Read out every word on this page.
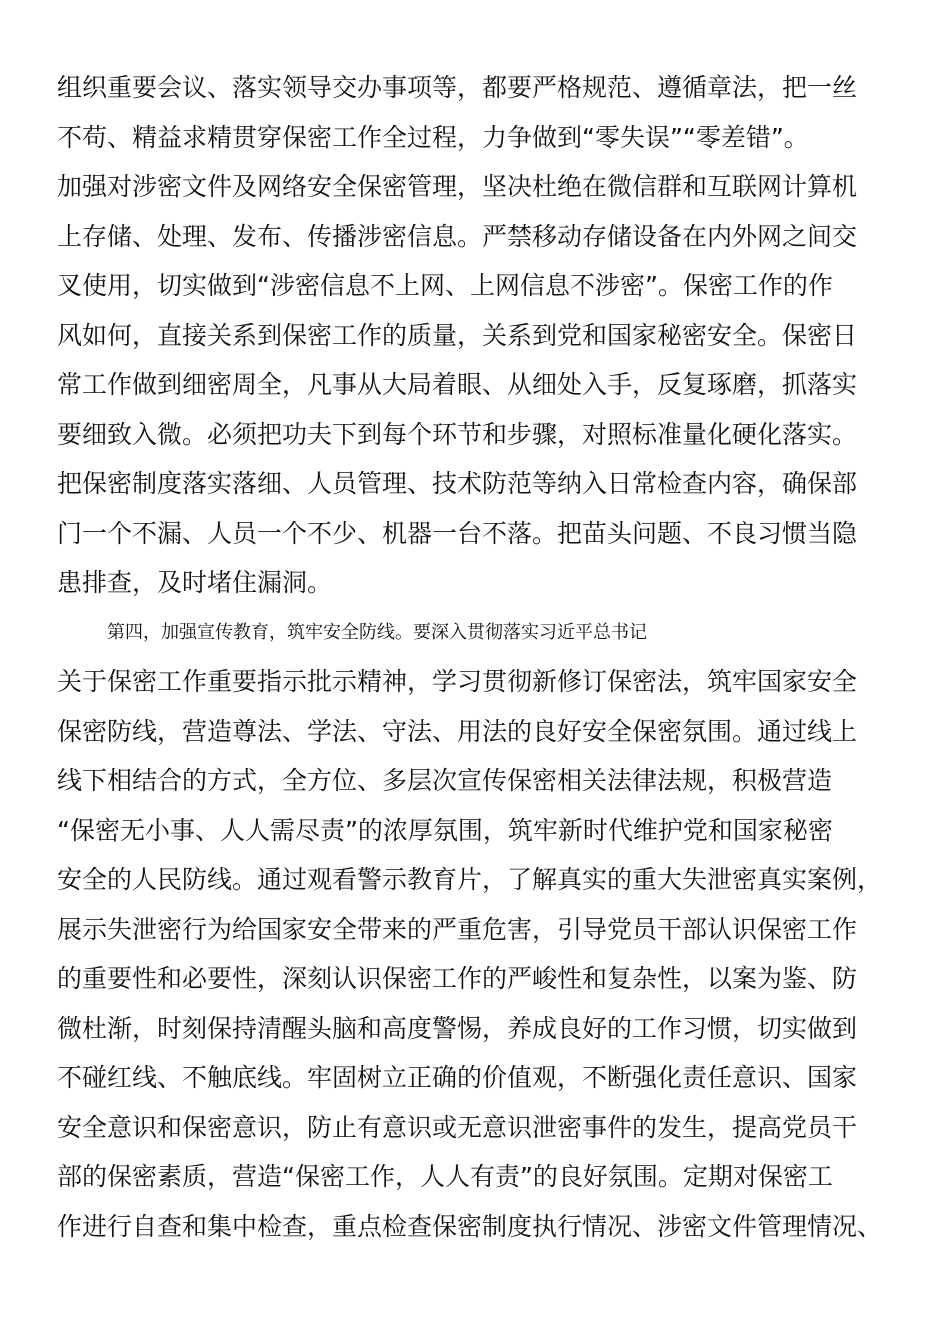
组织重要会议、落实领导交办事项等，都要严格规范、遵循章法，把一丝
不苟、精益求精贯穿保密工作全过程，力争做到“零失误”“零差错”。
加强对涉密文件及网络安全保密管理，坚决杜绝在微信群和互联网计算机
上存储、处理、发布、传播涉密信息。严禁移动存储设备在内外网之间交
叉使用，切实做到“涉密信息不上网、上网信息不涉密”。保密工作的作
风如何，直接关系到保密工作的质量，关系到党和国家秘密安全。保密日
常工作做到细密周全，凡事从大局着眼、从细处入手，反复琢磨，抓落实
要细致入微。必须把功夫下到每个环节和步骤，对照标准量化硬化落实。
把保密制度落实落细、人员管理、技术防范等纳入日常检查内容，确保部
门一个不漏、人员一个不少、机器一台不落。把苗头问题、不良习惯当隐
患排查，及时堵住漏洞。
第四，加强宣传教育，筑牢安全防线。要深入贯彻落实习近平总书记
关于保密工作重要指示批示精神，学习贯彻新修订保密法，筑牢国家安全
保密防线，营造尊法、学法、守法、用法的良好安全保密氛围。通过线上
线下相结合的方式，全方位、多层次宣传保密相关法律法规，积极营造
“保密无小事、人人需尽责”的浓厚氛围，筑牢新时代维护党和国家秘密
安全的人民防线。通过观看警示教育片，了解真实的重大失泄密真实案例，
展示失泄密行为给国家安全带来的严重危害，引导党员干部认识保密工作
的重要性和必要性，深刻认识保密工作的严峻性和复杂性，以案为鉴、防
微杜渐，时刻保持清醒头脑和高度警惕，养成良好的工作习惯，切实做到
不碰红线、不触底线。牢固树立正确的价值观，不断强化责任意识、国家
安全意识和保密意识，防止有意识或无意识泄密事件的发生，提高党员干
部的保密素质，营造“保密工作，人人有责”的良好氛围。定期对保密工
作进行自查和集中检查，重点检查保密制度执行情况、涉密文件管理情况、
